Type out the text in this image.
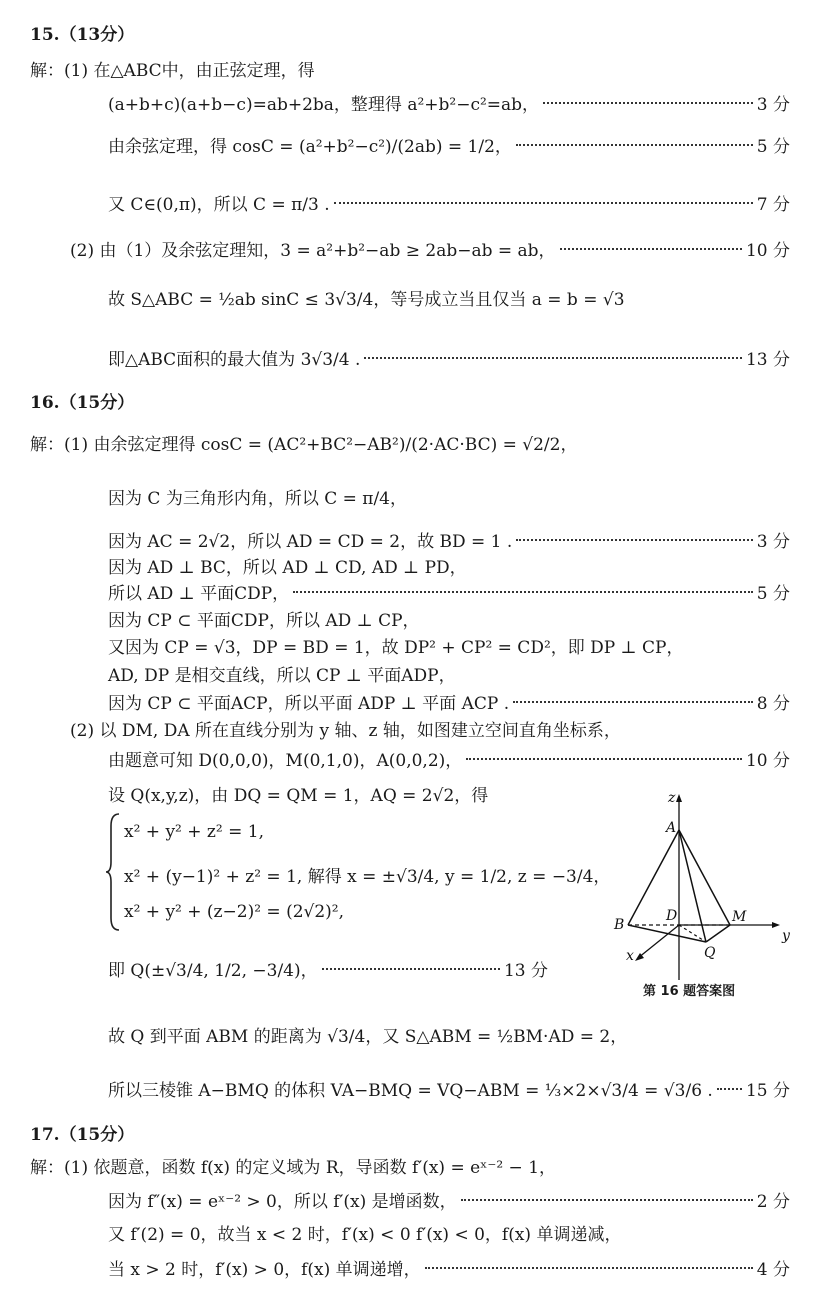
15.（13分）
解：(1) 在△ABC中，由正弦定理，得
(a+b+c)(a+b−c)=ab+2ba，整理得 a²+b²−c²=ab，	3 分
由余弦定理，得 cosC = (a²+b²−c²)/(2ab) = 1/2，	5 分
又 C∈(0,π)，所以 C = π/3 .	7 分
(2) 由（1）及余弦定理知，3 = a²+b²−ab ≥ 2ab−ab = ab，	10 分
故 S△ABC = ½ab sinC ≤ 3√3/4，等号成立当且仅当 a = b = √3
即△ABC面积的最大值为 3√3/4 .	13 分
16.（15分）
解：(1) 由余弦定理得 cosC = (AC²+BC²−AB²)/(2·AC·BC) = √2/2，
因为 C 为三角形内角，所以 C = π/4，
因为 AC = 2√2，所以 AD = CD = 2，故 BD = 1 .	3 分
因为 AD ⊥ BC，所以 AD ⊥ CD, AD ⊥ PD，
所以 AD ⊥ 平面CDP，	5 分
因为 CP ⊂ 平面CDP，所以 AD ⊥ CP，
又因为 CP = √3，DP = BD = 1，故 DP² + CP² = CD²，即 DP ⊥ CP，
AD, DP 是相交直线，所以 CP ⊥ 平面ADP，
因为 CP ⊂ 平面ACP，所以平面 ADP ⊥ 平面 ACP .	8 分
(2) 以 DM, DA 所在直线分别为 y 轴、z 轴，如图建立空间直角坐标系，
由题意可知 D(0,0,0)，M(0,1,0)，A(0,0,2)，	10 分
设 Q(x,y,z)，由 DQ = QM = 1，AQ = 2√2，得
x² + y² + z² = 1,
x² + (y−1)² + z² = 1, 解得 x = ±√3/4, y = 1/2, z = −3/4，
x² + y² + (z−2)² = (2√2)²,
即 Q(±√3/4, 1/2, −3/4)，	13 分
故 Q 到平面 ABM 的距离为 √3/4，又 S△ABM = ½BM·AD = 2，
所以三棱锥 A−BMQ 的体积 VA−BMQ = VQ−ABM = ⅓×2×√3/4 = √3/6 . 15 分
z
y
x
A
B
D	M
Q
第 16 题答案图
17.（15分）
解：(1) 依题意，函数 f(x) 的定义域为 R，导函数 f′(x) = eˣ⁻² − 1，
因为 f″(x) = eˣ⁻² > 0，所以 f′(x) 是增函数，	2 分
又 f′(2) = 0，故当 x < 2 时，f′(x) < 0 f′(x) < 0，f(x) 单调递减，
当 x > 2 时，f′(x) > 0，f(x) 单调递增，	4 分
